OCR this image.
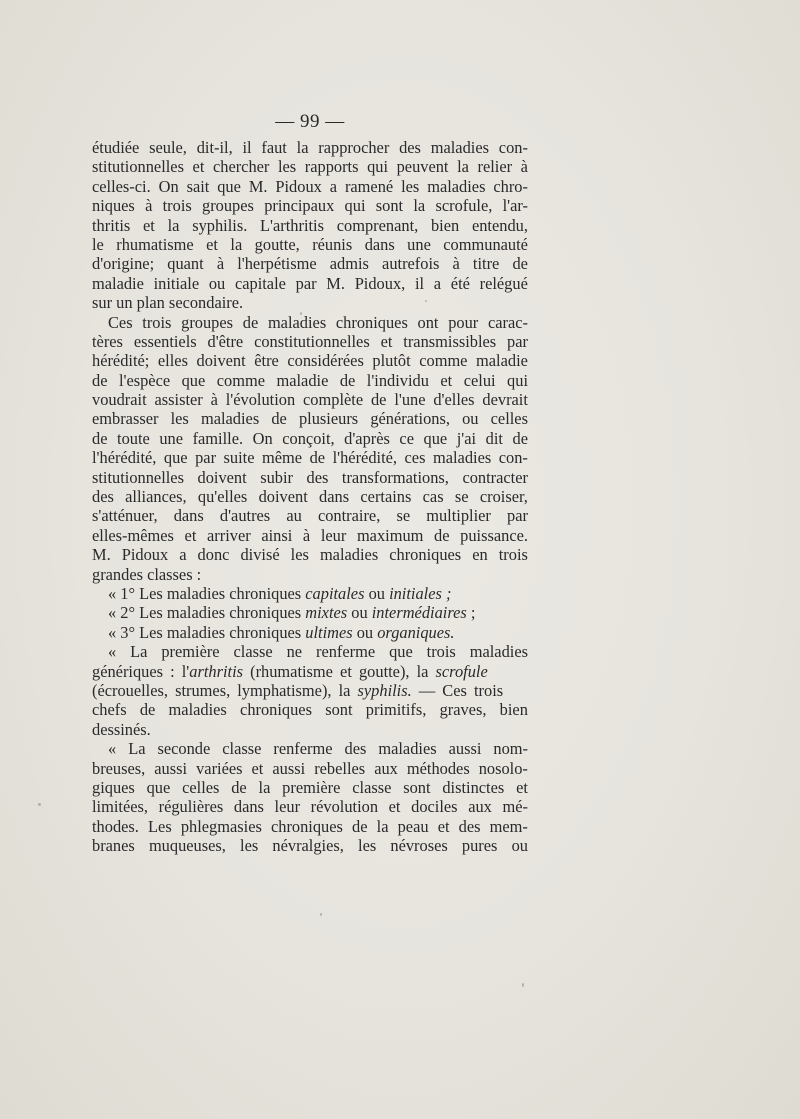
— 99 —
étudiée seule, dit-il, il faut la rapprocher des maladies con-
stitutionnelles et chercher les rapports qui peuvent la relier à
celles-ci. On sait que M. Pidoux a ramené les maladies chro-
niques à trois groupes principaux qui sont la scrofule, l'ar-
thritis et la syphilis. L'arthritis comprenant, bien entendu,
le rhumatisme et la goutte, réunis dans une communauté
d'origine; quant à l'herpétisme admis autrefois à titre de
maladie initiale ou capitale par M. Pidoux, il a été relégué
sur un plan secondaire.
Ces trois groupes de maladies chroniques ont pour carac-
tères essentiels d'être constitutionnelles et transmissibles par
hérédité; elles doivent être considérées plutôt comme maladie
de l'espèce que comme maladie de l'individu et celui qui
voudrait assister à l'évolution complète de l'une d'elles devrait
embrasser les maladies de plusieurs générations, ou celles
de toute une famille. On conçoit, d'après ce que j'ai dit de
l'hérédité, que par suite même de l'hérédité, ces maladies con-
stitutionnelles doivent subir des transformations, contracter
des alliances, qu'elles doivent dans certains cas se croiser,
s'atténuer, dans d'autres au contraire, se multiplier par
elles-mêmes et arriver ainsi à leur maximum de puissance.
M. Pidoux a donc divisé les maladies chroniques en trois
grandes classes :
« 1° Les maladies chroniques capitales ou initiales ;
« 2° Les maladies chroniques mixtes ou intermédiaires ;
« 3° Les maladies chroniques ultimes ou organiques.
« La première classe ne renferme que trois maladies
génériques : l' arthritis (rhumatisme et goutte), la scrofule
(écrouelles, strumes, lymphatisme), la syphilis. — Ces trois
chefs de maladies chroniques sont primitifs, graves, bien
dessinés.
« La seconde classe renferme des maladies aussi nom-
breuses, aussi variées et aussi rebelles aux méthodes nosolo-
giques que celles de la première classe sont distinctes et
limitées, régulières dans leur révolution et dociles aux mé-
thodes. Les phlegmasies chroniques de la peau et des mem-
branes muqueuses, les névralgies, les névroses pures ou
